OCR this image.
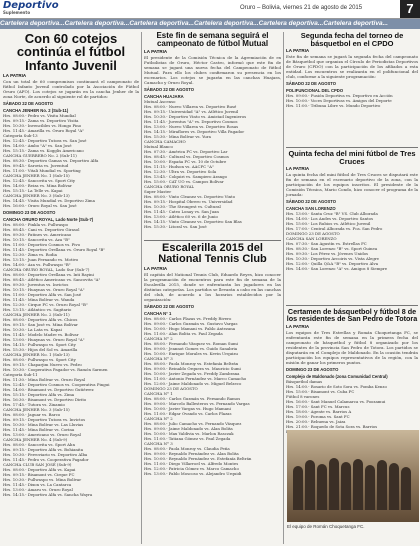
Deportivo
Suplemento
Oruro – Bolivia, viernes 21 de agosto de 2015	7
Cartelera deportiva...Cartelera deportiva...Cartelera deportiva...Cartelera deportiva...Cartelera deportiva...Cartelera deportiva...
Con 60 cotejos continúa el fútbol Infanto Juvenil
LA PATRIA
Con un total de 60 compromisos continuará el campeonato de fútbol Infanto Juvenil controlado por la Asociación de Fútbol Oruro (AFO). Los cotejos se jugarán en la cancha Jenher de la zona Norte, de acuerdo al siguiente rol de partidos:
SÁBADO 22 DE AGOSTO
CANCHA JENHER No. 2 (Sub-11)
Hrs. 08:00.- Pedro vs. Visita Mundial
Hrs. 09:15.- Zama vs. Deportivo Visita
Hrs. 10:30.- Invencibles vs. Hongo Pino
Hrs. 11:45.- Amarilla vs. Oruro Royal "A"
Categoría Sub-13
Hrs. 12:45.- Deportivo Tutora vs. San José
Hrs. 14:00.- Ambo "A" vs. San José
Hrs. 15:15.- Zama vs. Kogglis Americano
CANCHA GUERRERO No. 2 (Sub-11)
Hrs. 08:30.- Deportivo Gamas vs. Deportivo Alfa
Hrs. 09:45.- Sarovia vs. Juventud
Hrs. 11:00.- Vitali Mundial vs. Sporting
CANCHA JENHER No. 1 (Sub-15)
Hrs. 12:45.- Sancovita vs. Sport City
Hrs. 14:00.- Reiza vs. Mina Bolívar
Hrs. 15:15.- La Telle vs. Kapai
CANCHA JENHER No. 3 (Sub-13)
Hrs. 14:45.- Visita Mundial vs. Deportivo Zima
Hrs. 16:00.- Oruro Royal vs. San José
DOMINGO 23 DE AGOSTO
CANCHA ORURO ROYAL, Lado Norte (Sub-7)
Hrs. 08:00.- Pinkla vs. Pullwaspo
Hrs. 08:45.- Cani vs. Deportivo Girasol
Hrs. 09:30.- Patines vs. Americano
Hrs. 10:15.- Sancovita vs. Aza "B"
Hrs. 11:00.- Deportivo Cosmos vs. Pivo
Hrs. 11:45.- Deportivo Orellana vs. Oruro Royal "B"
Hrs. 12:30.- Zima vs. Rodia
Hrs. 13:15.- Juan Fernando vs. Motivo
Hrs. 14:00.- Aza vs. Pullwaspo "B"
CANCHA ORURO ROYAL, Lado Sur (Sub-7)
Hrs. 08:00.- Deportivo Orellana vs. Inti Rayini
Hrs. 08:45.- Atlético Americano vs. Sancovita "A"
Hrs. 09:30.- Juventus vs. Invictos
Hrs. 10:15.- Huaynas vs. Oruro Royal "A"
Hrs. 11:00.- Deportivo Alfa vs. San José
Hrs. 11:45.- Mina Bolívar vs. Wanda
Hrs. 12:30.- Cirque FC vs. Oruro Royal "B"
Hrs. 13:15.- Atlántico vs. Sagitario
CANCHA JENHER No. 2 (Sub-11)
Hrs. 08:00.- Deportivo Alfa vs. Chicos
Hrs. 09:15.- San José vs. Mina Bolívar
Hrs. 10:30.- La Lata vs. Kapai
Hrs. 11:45.- Modelo Madre vs. Bolívar
Hrs. 13:00.- Huaynas vs. Oruro Royal "A"
Hrs. 14:15.- Pullwaspo vs. Sport City
Hrs. 15:30.- Hijos del Sol vs. Amarilla
CANCHA JENHER No. 1 (Sub-13)
Hrs. 08:00.- Pullwaspo vs. Sport City
Hrs. 09:15.- Chaparjim Nuevo vs. Pedro
Hrs. 10:30.- Cooperativa Pagador vs. Ramón Sarmen
Categoría Sub-11
Hrs. 11:30.- Mina Bolívar vs. Oruro Royal
Hrs. 12:45.- Deportivo Cosmos vs. Cooperativa Pingui
Hrs. 14:00.- Bisamont vs. Deportivo Gutiérrez
Hrs. 15:15.- Deportivo Alfa vs. Zima
Hrs. 16:30.- Bisamont vs. Deportivo Dirito
Hrs. 17:45.- Tutora vs. Zinamio
CANCHA JENHER No. 3 (Sub-15)
Hrs. 08:00.- Jaguar vs. Barco
Hrs. 09:15.- Deportivo Tutora vs. Invictos
Hrs. 10:30.- Mina Bolívar vs. Las Lluvias
Hrs. 11:45.- Mina Bolívar vs. Corina
Hrs. 13:00.- Americano vs. Oruro Royal
CANCHA JENHER No. 4 (Sub-9)
Hrs. 08:00.- Sancovita vs. Sport Ahn
Hrs. 09:15.- Deportivo Alfa vs. Bohianita
Hrs. 10:30.- Ferroviario vs. Deportivo Alba
Hrs. 11:45.- Pedro vs. Cooperativa Pagador
CANCHA CLUB SAN JOSÉ (Sub-9)
Hrs. 08:00.- Deportivo Alfa vs. Kapai
Hrs. 09:15.- Bisamont vs. Cirque FC
Hrs. 10:30.- Pullwaspo vs. Mina Bolívar
Hrs. 11:45.- Dixon vs. La Cantarca
Hrs. 13:00.- Amaru vs. Oruro Royal
Hrs. 14:15.- Deportivo Alfa vs. Sancha Wayra
Este fin de semana seguirá el campeonato de fútbol Mutual
LA PATRIA
El presidente de la Comisión Técnica de la Agremiación de ex Futbolistas de Oruro, Héctor Castro, informó que este fin de semana se jugará una nueva fecha del Campeonato de fútbol Mutual. Para ello los clubes confirmaron su presencia en los escenarios. Los cotejos se jugarán en las canchas Huajara, Camacho y Oruro Royal.
SÁBADO 22 DE AGOSTO
CANCHA HUAJARA
Mutual Ascenso
Hrs. 08:00.- Nuevo Villarea vs. Deportivo Rusé
Hrs. 09:15.- Universidad "A" vs. Atlético Juvenil
Hrs. 10:30.- Deportivo Vinto vs. Amistad Ingenieros
Hrs. 11:45.- Juventus "A" vs. Deportivo Cosmos
Hrs. 13:00.- Nuevo Villarea vs. Deportivo Rosas
Hrs. 14:15.- Miraflores vs. Deportivo Villa Pagador
Hrs. 15:30.- Mina Bolívar vs. Yura
CANCHA CAMACHO
Mutual Blanco
Hrs. 07:30.- América FC vs. Deportivo Lar
Hrs. 08:45.- Cultural vs. Deportivo Cosmos
Hrs. 10:00.- España FC vs. 10 de Octubre
Hrs. 11:15.- Hudson vs. AACFC "A"
Hrs. 12:30.- Ultra vs. Deportivo Sola
Hrs. 13:45.- Colquiri vs. Sampiero Arango
Hrs. 15:00.- CAT UO vs. Campos Bolívar
CANCHA ORURO ROYAL
Super Master
Hrs. 08:00.- Vinto Cleanez vs. Deportivo Vinto
Hrs. 09:15.- Hospital Obrero vs. Universidad
Hrs. 10:30.- The Strongest vs. Cultural
Hrs. 11:45.- Cateo Lonay vs. San Juan
Hrs. 13:00.- Atlético 60 vs. 6 de Junio
Hrs. 14:15.- Vinto Cleanez vs. Deportivo San Blas
Hrs. 15:30.- Litoral vs. San José
Escalerilla 2015 del National Tennis Club
LA PATRIA
El capitán del National Tennis Club, Eduardo Reyes, hizo conocer la programación de encuentros para este fin de semana de la Escalerilla 2015, donde se enfrentarán los jugadores en las distintas categorías. Los partidos se llevarán a cabo en las canchas del club, de acuerdo a los horarios establecidos por la organización:
SÁBADO 22 DE AGOSTO
CANCHA N° 1
Hrs. 08:00.- Carlos Plazas vs. Freddy Rivero
Hrs. 09:00.- Carlos Guzmán vs. Gustavo Vargas
Hrs. 10:00.- Hugo Mamani vs. Pablo Antezana
Hrs. 11:00.- Alan Bolita vs. Paul Zegada
CANCHA N° 2
Hrs. 08:00.- Fernando Vásquez vs. Roman Sumi
Hrs. 09:00.- Jeannot Gomes vs. Guido Sanabria
Hrs. 10:00.- Enrique Morales vs. Kevin Urquizu
CANCHA N° 3
Hrs. 08:00.- Paola Monroy vs. Estefanía Beltrán
Hrs. 09:00.- Reinaldo Orquera vs. Mauricio Sumi
Hrs. 10:00.- Javier Zegada vs. Freddy Zambrana
Hrs. 11:00.- Antonio Fernández vs. Marco Camacho
Hrs. 12:00.- Jaime Maldonado vs. Miguel Belzeco
DOMINGO 23 DE AGOSTO
CANCHA N° 1
Hrs. 08:00.- Carlos Guzmán vs. Fernando Ramos
Hrs. 09:00.- Marcelo Ballesteros vs. Fernando Vargas
Hrs. 10:00.- Javier Vargas vs. Hugo Mamani
Hrs. 11:00.- Edgar Ovando vs. Carlos Plazas
CANCHA N° 2
Hrs. 08:00.- Julio Camacho vs. Fernando Vásquez
Hrs. 09:00.- Jaime Maldonado vs. Alan Bolita
Hrs. 10:00.- Max Valdivia vs. Marlon Rasczak
Hrs. 11:00.- Tatiana Gómez vs. Paul Zegada
CANCHA N° 3
Hrs. 08:00.- Paola Monroy vs. Claudia Peña
Hrs. 09:00.- Reynaldo Fernández vs. Alan Bolita
Hrs. 10:00.- Reynaldo Fernández vs. Estefanía Beltrán
Hrs. 11:00.- Diego Villarroel vs. Alfredo Montes
Hrs. 12:00.- Patricia Gómez vs. Marco Camacho
Hrs. 13:00.- Pablo Moscoso vs. Alejandro Urquidi
Segunda fecha del torneo de básquetbol en el CPDO
LA PATRIA
Este fin de semana se jugará la segunda fecha del campeonato de Básquetbol que organiza el Círculo de Periodistas Deportivos de Oruro (CPDO) con la participación de los afiliados a esta entidad. Los encuentros se realizarán en el polifuncional del club, conforme a la siguiente programación:
SÁBADO 22 DE AGOSTO
POLIFUNCIONAL DEL CPDO
Hrs. 09:00.- Fusión Deportiva vs. Deportivo en Acción
Hrs. 10:00.- Voces Deportivas vs. Amigos del Deporte
Hrs. 11:00.- Tribuna Libre vs. Mundo Deportivo
Quinta fecha del mini fútbol de Tres Cruces
LA PATRIA
La quinta fecha del mini fútbol de Tres Cruces se disputará este fin de semana en el escenario deportivo de la zona, con la participación de los equipos inscritos. El presidente de la Comisión Técnica, Mario Condo, hizo conocer el programa de la jornada:
SÁBADO 22 DE AGOSTO
CANCHA SAN LORENZO
Hrs. 13:00.- Santa Cruz "B" VS. Club Alborada
Hrs. 14:00.- Los Andes vs. Deportivo Santos
Hrs. 15:00.- Los Rubios vs. Atlético Juvenil
Hrs. 17:00.- Central Alborada vs. Fca. San Pedro
DOMINGO 23 DE AGOSTO
CANCHA SAN LORENZO
Hrs. 07:30.- San Agustín vs. Estrellas FC
Hrs. 08:30.- San Lorenzo "B" vs. Sport Guinea
Hrs. 09:30.- Los Pérez vs. Jóvenes Unidos
Hrs. 10:30.- Deportivo Arcoiris vs. Vista Alegre
Hrs. 12:00.- Quilla Q&A "B" vs. Deportivo Alva
Hrs. 14:00.- San Lorenzo "A" vs. Amigos 8 Siempre
Certamen de básquetbol y fútbol 8 de los residentes de San Pedro de Totora
LA PATRIA
Los equipos de Tres Estrellas y Román Choquetanga FC, se enfrentarán este fin de semana en la primera fecha del campeonato de básquetbol y fútbol 8 organizado por los residentes de la provincia San Pedro de Totora. Los partidos se disputarán en el Complejo de Maldonado. En la ocasión tendrán participación los equipos representativos de la región, con la misión de ganar los primeros puntos.
DOMINGO 23 DE AGOSTO
Complejo de Maldonado (zona Comunidad Central)
Básquetbol damas
Hrs. 14:00.- Rosario de Soto Sora vs. Pomba Kenzo
Hrs. 15:00.- Bisamont vs. Cuba FC
Fútbol 8 varones
Hrs. 16:00.- Sant Manuel Calamarca vs. Poozamui
Hrs. 17:00.- Sant FC vs. Marcus
Hrs. 18:00.- Agente vs. Barrios A
Hrs. 19:00.- Poroma vs. Sant FC
Hrs. 20:00.- Rebuena vs. Jaiza
Hrs. 21:00.- Roquedo de Sota Sora vs. Barrios
El equipo de Román Choquetanga FC.
